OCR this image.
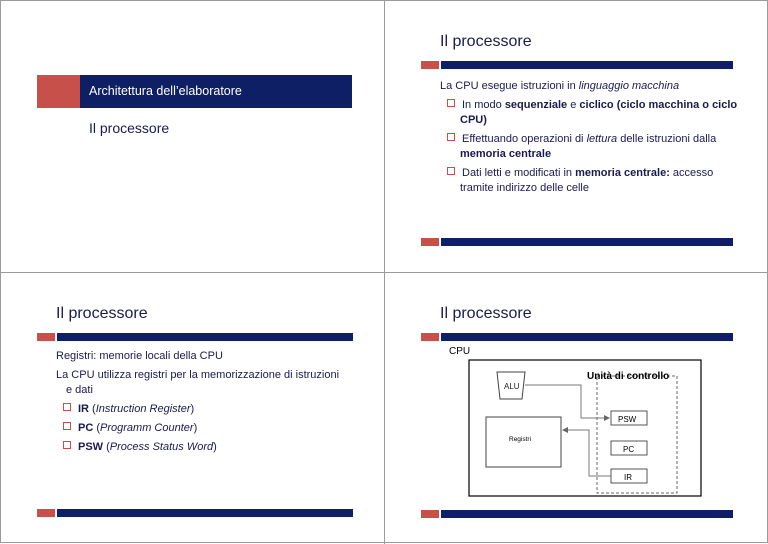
Architettura dell’elaboratore
Il processore
Il processore
La CPU esegue istruzioni in linguaggio macchina
In modo sequenziale e ciclico (ciclo macchina o ciclo CPU)
Effettuando operazioni di lettura delle istruzioni dalla memoria centrale
Dati letti e modificati in memoria centrale: accesso tramite indirizzo delle celle
Il processore
Registri: memorie locali della CPU
La CPU utilizza registri per la memorizzazione di istruzioni e dati
IR (Instruction Register)
PC (Programm Counter)
PSW (Process Status Word)
Il processore
CPU
ALU
Unità di controllo
Registri
PSW
PC
IR
